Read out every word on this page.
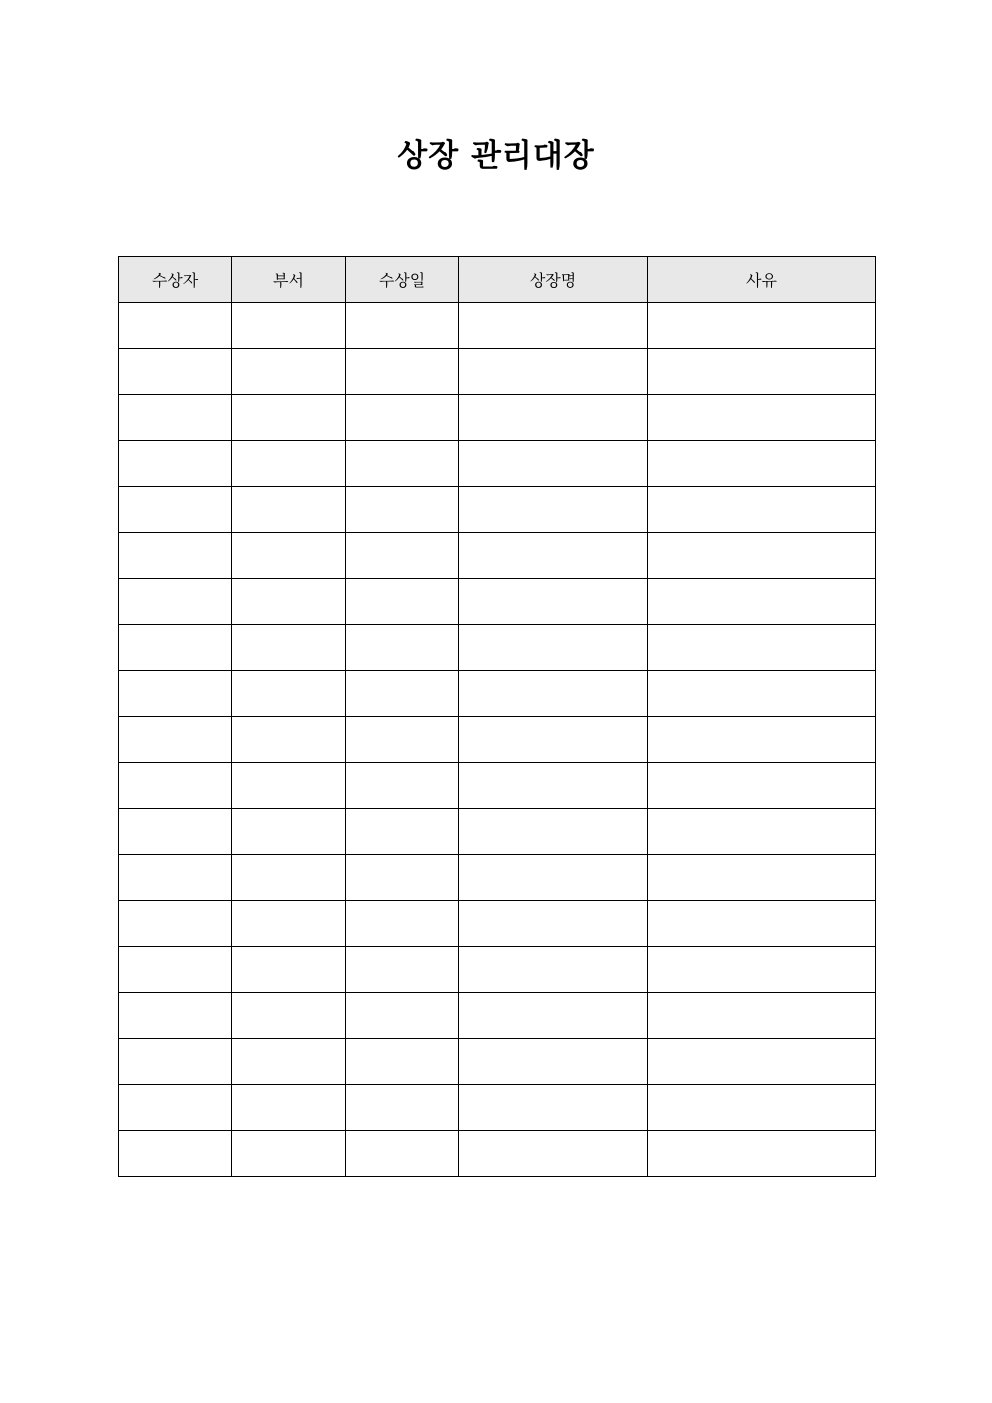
상장 관리대장
수상자	부서	수상일	상장명	사유
